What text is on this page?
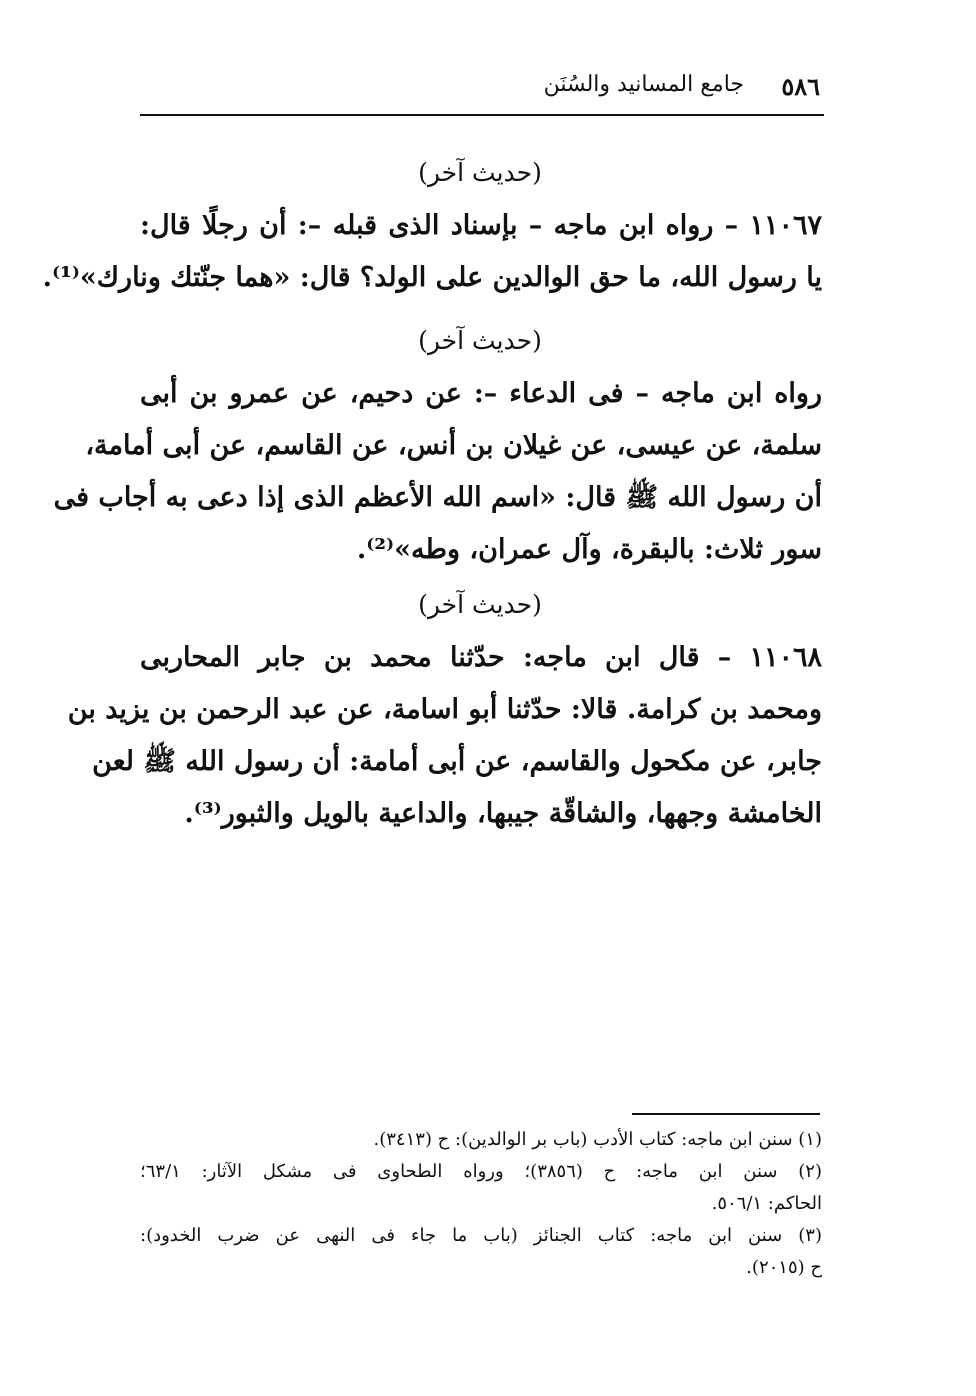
٥٨٦
جامع المسانيد والسُنَن
(حديث آخر)
١١٠٦٧ – رواه ابن ماجه – بإسناد الذى قبله –: أن رجلًا قال:
يا رسول الله، ما حق الوالدين على الولد؟ قال: «هما جنّتك ونارك»⁽¹⁾.
(حديث آخر)
رواه ابن ماجه – فى الدعاء –: عن دحيم، عن عمرو بن أبى
سلمة، عن عيسى، عن غيلان بن أنس، عن القاسم، عن أبى أمامة،
أن رسول الله ﷺ قال: «اسم الله الأعظم الذى إذا دعى به أجاب فى
سور ثلاث: بالبقرة، وآل عمران، وطه»⁽²⁾.
(حديث آخر)
١١٠٦٨ – قال ابن ماجه: حدّثنا محمد بن جابر المحاربى
ومحمد بن كرامة. قالا: حدّثنا أبو اسامة، عن عبد الرحمن بن يزيد بن
جابر، عن مكحول والقاسم، عن أبى أمامة: أن رسول الله ﷺ لعن
الخامشة وجهها، والشاقّة جيبها، والداعية بالويل والثبور⁽³⁾.
(١) سنن ابن ماجه: كتاب الأدب (باب بر الوالدين): ح (٣٤١٣).
(٢) سنن ابن ماجه: ح (٣٨٥٦)؛ ورواه الطحاوى فى مشكل الآثار: ٦٣/١؛
الحاكم: ٥٠٦/١.
(٣) سنن ابن ماجه: كتاب الجنائز (باب ما جاء فى النهى عن ضرب الخدود):
ح (٢٠١٥).
